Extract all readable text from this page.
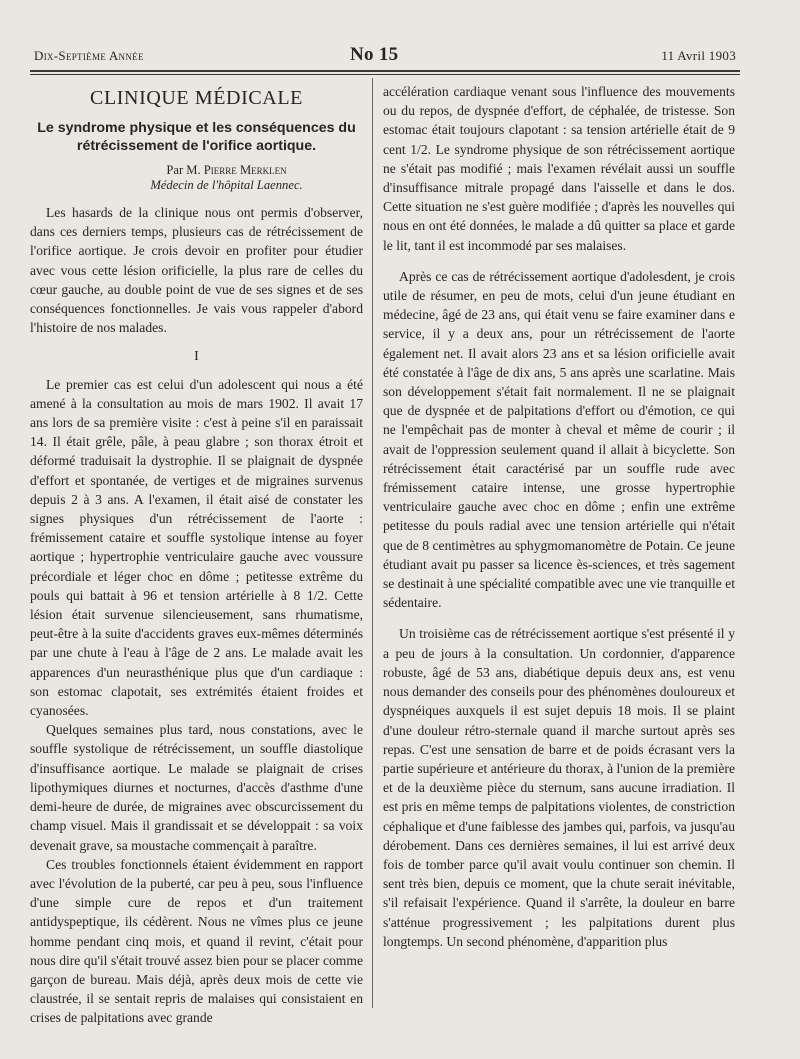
Dix-Septième Année	No 15	11 Avril 1903
CLINIQUE MÉDICALE
Le syndrome physique et les conséquences du rétrécissement de l'orifice aortique.
Par M. Pierre Merklen
Médecin de l'hôpital Laennec.

Les hasards de la clinique nous ont permis d'observer, dans ces derniers temps, plusieurs cas de rétrécissement de l'orifice aortique. Je crois devoir en profiter pour étudier avec vous cette lésion orificielle, la plus rare de celles du cœur gauche, au double point de vue de ses signes et de ses conséquences fonctionnelles. Je vais vous rappeler d'abord l'histoire de nos malades.

I

Le premier cas est celui d'un adolescent qui nous a été amené à la consultation au mois de mars 1902. Il avait 17 ans lors de sa première visite : c'est à peine s'il en paraissait 14. Il était grêle, pâle, à peau glabre ; son thorax étroit et déformé traduisait la dystrophie. Il se plaignait de dyspnée d'effort et spontanée, de vertiges et de migraines survenus depuis 2 à 3 ans. A l'examen, il était aisé de constater les signes physiques d'un rétrécissement de l'aorte : frémissement cataire et souffle systolique intense au foyer aortique ; hypertrophie ventriculaire gauche avec voussure précordiale et léger choc en dôme ; petitesse extrême du pouls qui battait à 96 et tension artérielle à 8 1/2. Cette lésion était survenue silencieusement, sans rhumatisme, peut-être à la suite d'accidents graves eux-mêmes déterminés par une chute à l'eau à l'âge de 2 ans. Le malade avait les apparences d'un neurasthénique plus que d'un cardiaque : son estomac clapotait, ses extrémités étaient froides et cyanosées.

Quelques semaines plus tard, nous constations, avec le souffle systolique de rétrécissement, un souffle diastolique d'insuffisance aortique. Le malade se plaignait de crises lipothymiques diurnes et nocturnes, d'accès d'asthme d'une demi-heure de durée, de migraines avec obscurcissement du champ visuel. Mais il grandissait et se développait : sa voix devenait grave, sa moustache commençait à paraître.

Ces troubles fonctionnels étaient évidemment en rapport avec l'évolution de la puberté, car peu à peu, sous l'influence d'une simple cure de repos et d'un traitement antidyspeptique, ils cédèrent. Nous ne vîmes plus ce jeune homme pendant cinq mois, et quand il revint, c'était pour nous dire qu'il s'était trouvé assez bien pour se placer comme garçon de bureau. Mais déjà, après deux mois de cette vie claustrée, il se sentait repris de malaises qui consistaient en crises de palpitations avec grande

accélération cardiaque venant sous l'influence des mouvements ou du repos, de dyspnée d'effort, de céphalée, de tristesse. Son estomac était toujours clapotant : sa tension artérielle était de 9 cent 1/2. Le syndrome physique de son rétrécissement aortique ne s'était pas modifié ; mais l'examen révélait aussi un souffle d'insuffisance mitrale propagé dans l'aisselle et dans le dos. Cette situation ne s'est guère modifiée ; d'après les nouvelles qui nous en ont été données, le malade a dû quitter sa place et garde le lit, tant il est incommodé par ses malaises.

Après ce cas de rétrécissement aortique d'adolesdent, je crois utile de résumer, en peu de mots, celui d'un jeune étudiant en médecine, âgé de 23 ans, qui était venu se faire examiner dans e service, il y a deux ans, pour un rétrécissement de l'aorte également net. Il avait alors 23 ans et sa lésion orificielle avait été constatée à l'âge de dix ans, 5 ans après une scarlatine. Mais son développement s'était fait normalement. Il ne se plaignait que de dyspnée et de palpitations d'effort ou d'émotion, ce qui ne l'empêchait pas de monter à cheval et même de courir ; il avait de l'oppression seulement quand il allait à bicyclette. Son rétrécissement était caractérisé par un souffle rude avec frémissement cataire intense, une grosse hypertrophie ventriculaire gauche avec choc en dôme ; enfin une extrême petitesse du pouls radial avec une tension artérielle qui n'était que de 8 centimètres au sphygmomanomètre de Potain. Ce jeune étudiant avait pu passer sa licence ès-sciences, et très sagement se destinait à une spécialité compatible avec une vie tranquille et sédentaire.

Un troisième cas de rétrécissement aortique s'est présenté il y a peu de jours à la consultation. Un cordonnier, d'apparence robuste, âgé de 53 ans, diabétique depuis deux ans, est venu nous demander des conseils pour des phénomènes douloureux et dyspnéiques auxquels il est sujet depuis 18 mois. Il se plaint d'une douleur rétro-sternale quand il marche surtout après ses repas. C'est une sensation de barre et de poids écrasant vers la partie supérieure et antérieure du thorax, à l'union de la première et de la deuxième pièce du sternum, sans aucune irradiation. Il est pris en même temps de palpitations violentes, de constriction céphalique et d'une faiblesse des jambes qui, parfois, va jusqu'au dérobement. Dans ces dernières semaines, il lui est arrivé deux fois de tomber parce qu'il avait voulu continuer son chemin. Il sent très bien, depuis ce moment, que la chute serait inévitable, s'il refaisait l'expérience. Quand il s'arrête, la douleur en barre s'atténue progressivement ; les palpitations durent plus longtemps. Un second phénomène, d'apparition plus
